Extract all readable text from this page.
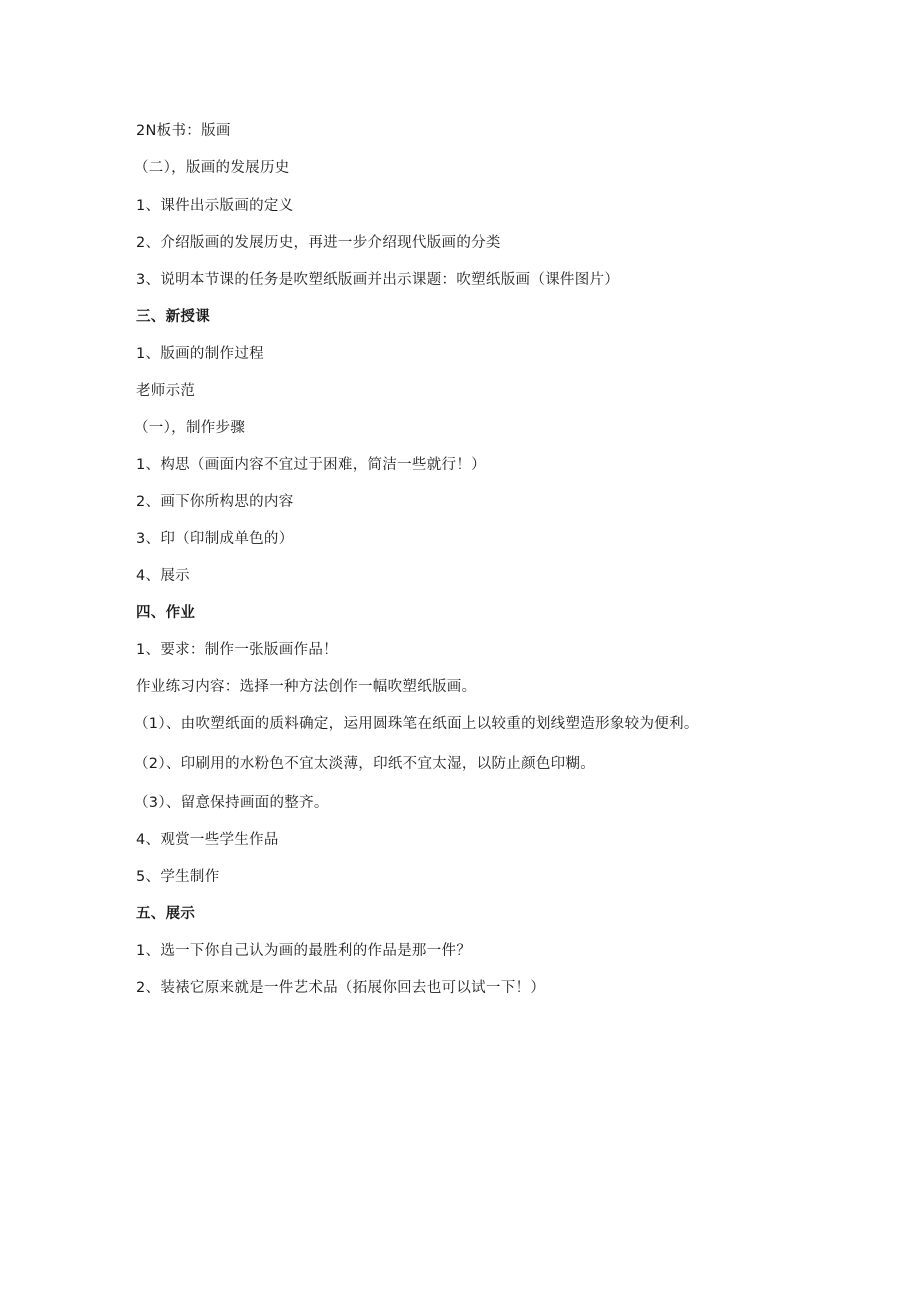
2N板书：版画
（二），版画的发展历史
1、课件出示版画的定义
2、介绍版画的发展历史，再进一步介绍现代版画的分类
3、说明本节课的任务是吹塑纸版画并出示课题：吹塑纸版画（课件图片）
三、新授课
1、版画的制作过程
老师示范
（一），制作步骤
1、构思（画面内容不宜过于困难，简洁一些就行！）
2、画下你所构思的内容
3、印（印制成单色的）
4、展示
四、作业
1、要求：制作一张版画作品！
作业练习内容：选择一种方法创作一幅吹塑纸版画。
（1）、由吹塑纸面的质料确定，运用圆珠笔在纸面上以较重的划线塑造形象较为便利。
（2）、印刷用的水粉色不宜太淡薄，印纸不宜太湿，以防止颜色印糊。
（3）、留意保持画面的整齐。
4、观赏一些学生作品
5、学生制作
五、展示
1、选一下你自己认为画的最胜利的作品是那一件？
2、装裱它原来就是一件艺术品（拓展你回去也可以试一下！）
